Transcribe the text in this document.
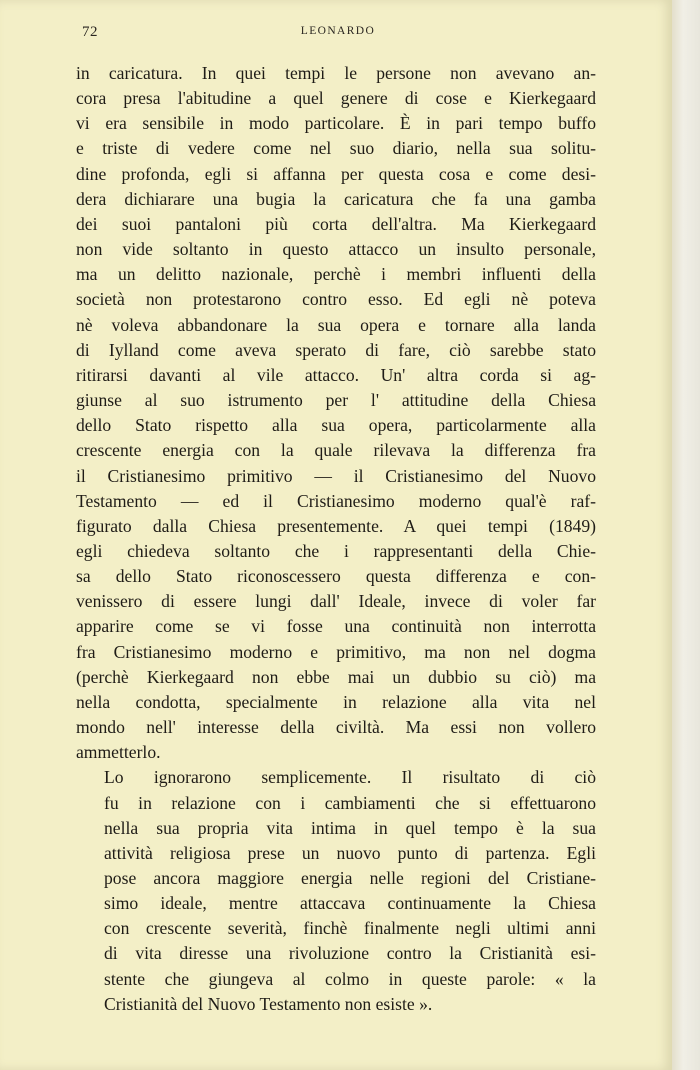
72	LEONARDO

in caricatura. In quei tempi le persone non avevano an-
cora presa l'abitudine a quel genere di cose e Kierkegaard
vi era sensibile in modo particolare. È in pari tempo buffo
e triste di vedere come nel suo diario, nella sua solitu-
dine profonda, egli si affanna per questa cosa e come desi-
dera dichiarare una bugia la caricatura che fa una gamba
dei suoi pantaloni più corta dell'altra. Ma Kierkegaard
non vide soltanto in questo attacco un insulto personale,
ma un delitto nazionale, perchè i membri influenti della
società non protestarono contro esso. Ed egli nè poteva
nè voleva abbandonare la sua opera e tornare alla landa
di Iylland come aveva sperato di fare, ciò sarebbe stato
ritirarsi davanti al vile attacco. Un' altra corda si ag-
giunse al suo istrumento per l' attitudine della Chiesa
dello Stato rispetto alla sua opera, particolarmente alla
crescente energia con la quale rilevava la differenza fra
il Cristianesimo primitivo — il Cristianesimo del Nuovo
Testamento — ed il Cristianesimo moderno qual'è raf-
figurato dalla Chiesa presentemente. A quei tempi (1849)
egli chiedeva soltanto che i rappresentanti della Chie-
sa dello Stato riconoscessero questa differenza e con-
venissero di essere lungi dall' Ideale, invece di voler far
apparire come se vi fosse una continuità non interrotta
fra Cristianesimo moderno e primitivo, ma non nel dogma
(perchè Kierkegaard non ebbe mai un dubbio su ciò) ma
nella condotta, specialmente in relazione alla vita nel
mondo nell' interesse della civiltà. Ma essi non vollero
ammetterlo.

Lo ignorarono semplicemente. Il risultato di ciò
fu in relazione con i cambiamenti che si effettuarono
nella sua propria vita intima in quel tempo è la sua
attività religiosa prese un nuovo punto di partenza. Egli
pose ancora maggiore energia nelle regioni del Cristiane-
simo ideale, mentre attaccava continuamente la Chiesa
con crescente severità, finchè finalmente negli ultimi anni
di vita diresse una rivoluzione contro la Cristianità esi-
stente che giungeva al colmo in queste parole: « la
Cristianità del Nuovo Testamento non esiste ».
